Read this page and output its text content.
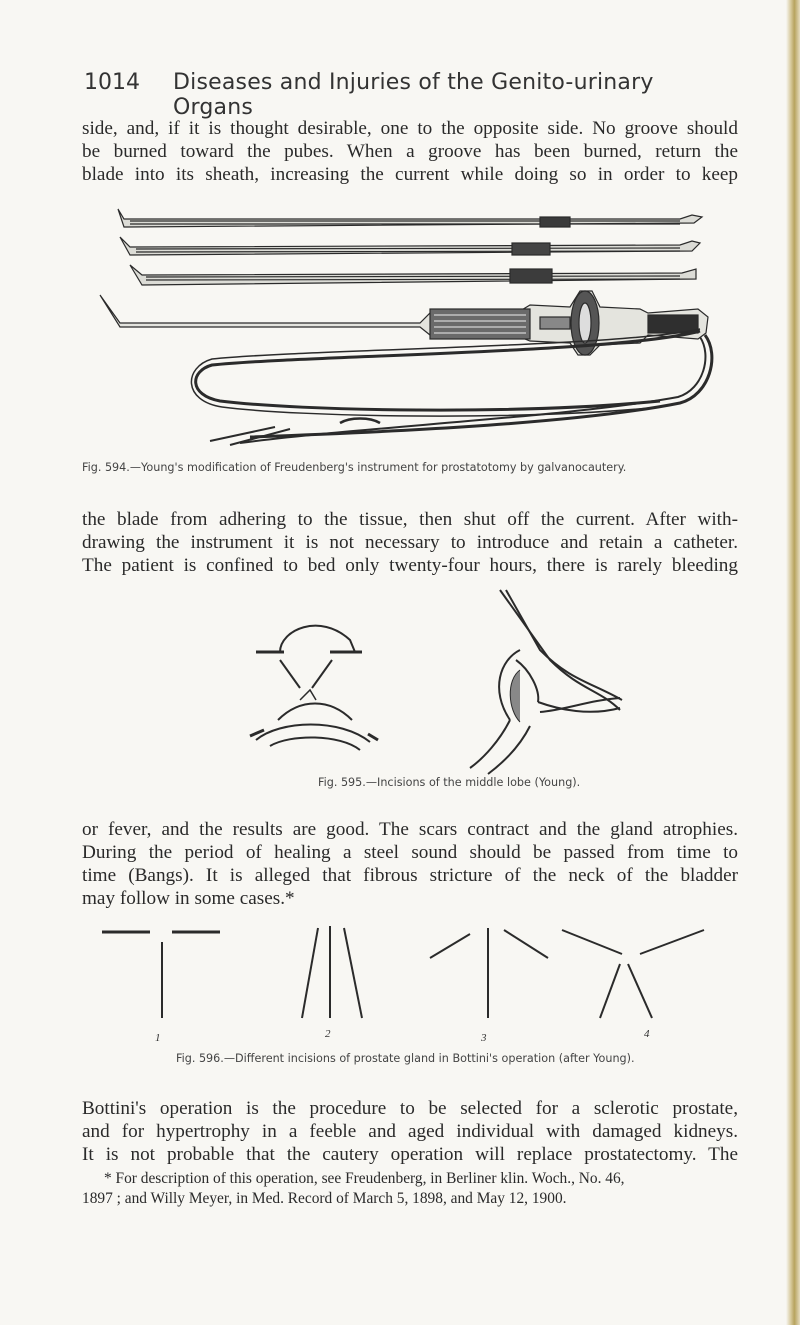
1014 Diseases and Injuries of the Genito-urinary Organs

side, and, if it is thought desirable, one to the opposite side. No groove should

be burned toward the pubes. When a groove has been burned, return the

blade into its sheath, increasing the current while doing so in order to keep

Fig. 594.—Young's modification of Freudenberg's instrument for prostatotomy by galvanocautery.

the blade from adhering to the tissue, then shut off the current. After with-

drawing the instrument it is not necessary to introduce and retain a catheter.

The patient is confined to bed only twenty-four hours, there is rarely bleeding

Fig. 595.—Incisions of the middle lobe (Young).

or fever, and the results are good. The scars contract and the gland atrophies.

During the period of healing a steel sound should be passed from time to

time (Bangs). It is alleged that fibrous stricture of the neck of the bladder

may follow in some cases.*

1	2	3	4
Fig. 596.—Different incisions of prostate gland in Bottini's operation (after Young).

Bottini's operation is the procedure to be selected for a sclerotic prostate,

and for hypertrophy in a feeble and aged individual with damaged kidneys.

It is not probable that the cautery operation will replace prostatectomy. The

* For description of this operation, see Freudenberg, in Berliner klin. Woch., No. 46,

1897 ; and Willy Meyer, in Med. Record of March 5, 1898, and May 12, 1900.
